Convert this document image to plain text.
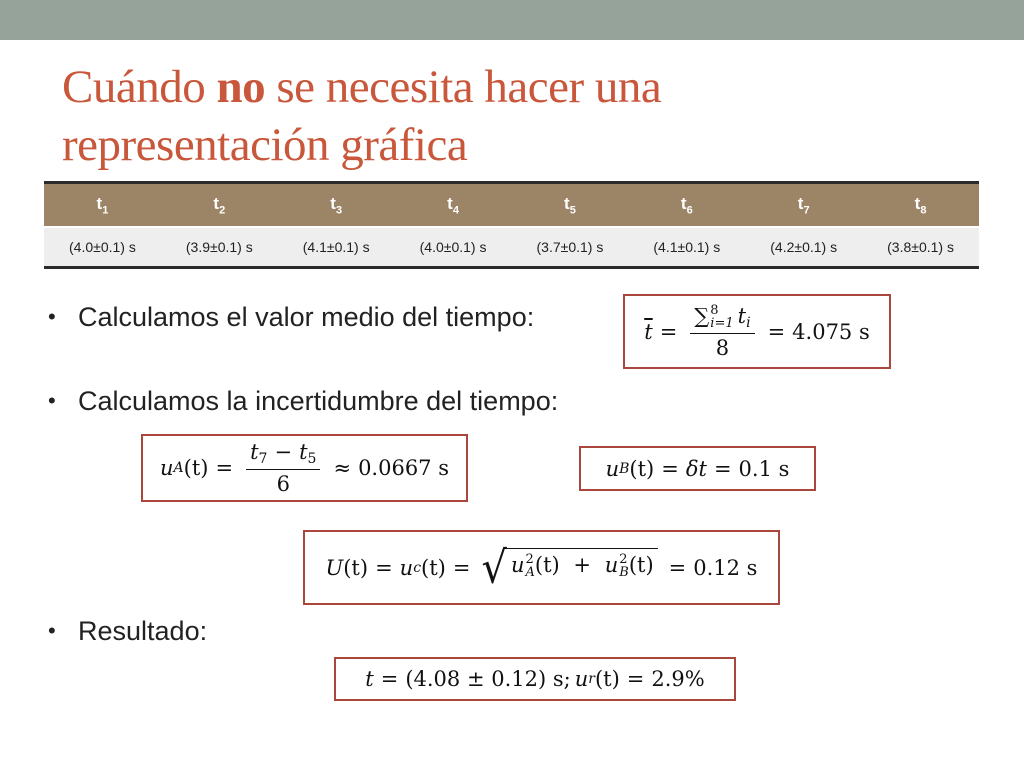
Cuándo no se necesita hacer una
representación gráfica
$t_1$	$t_2$	$t_3$	$t_4$	$t_5$	$t_6$	$t_7$	$t_8$
(4.0±0.1) s	(3.9±0.1) s	(4.1±0.1) s	(4.0±0.1) s	(3.7±0.1) s	(4.1±0.1) s	(4.2±0.1) s	(3.8±0.1) s
• Calculamos el valor medio del tiempo:	$\overline{t}$ = ∑ 8
i=1 $t_i$
8 = 4.075 s
• Calculamos la incertidumbre del tiempo:
u A $(t) = \frac{t_7 - t_5}{6} \approx 0.0667$ s	u B (t) = δt = 0.1 s
U (t) = u c (t) = √ u 2
A (t) + u 2
B (t) = 0.12 s
• Resultado:
t = (4.08 ± 0.12) s; u r (t) = 2.9%
